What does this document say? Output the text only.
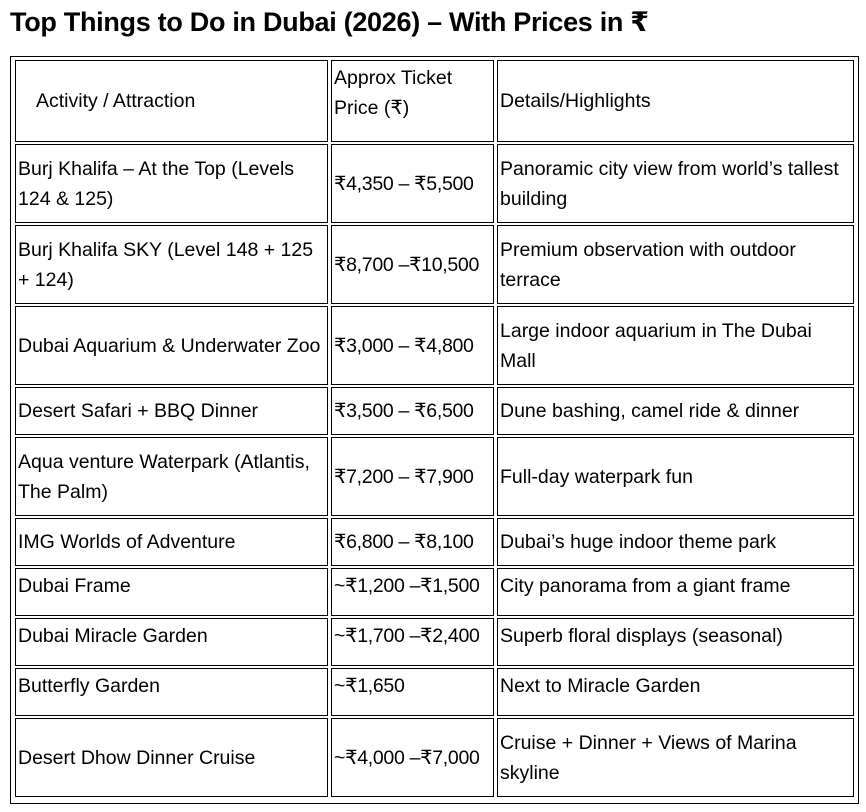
Top Things to Do in Dubai (2026) – With Prices in ₹
Activity / Attraction	Approx Ticket Price (₹)	Details/Highlights
Burj Khalifa – At the Top (Levels 124 & 125)	₹4,350 – ₹5,500	Panoramic city view from world’s tallest building
Burj Khalifa SKY (Level 148 + 125 + 124)	₹8,700 –₹10,500	Premium observation with outdoor terrace
Dubai Aquarium & Underwater Zoo	₹3,000 – ₹4,800	Large indoor aquarium in The Dubai Mall
Desert Safari + BBQ Dinner	₹3,500 – ₹6,500	Dune bashing, camel ride & dinner
Aqua venture Waterpark (Atlantis, The Palm)	₹7,200 – ₹7,900	Full-day waterpark fun
IMG Worlds of Adventure	₹6,800 – ₹8,100	Dubai’s huge indoor theme park
Dubai Frame	~₹1,200 –₹1,500	City panorama from a giant frame
Dubai Miracle Garden	~₹1,700 –₹2,400	Superb floral displays (seasonal)
Butterfly Garden	~₹1,650	Next to Miracle Garden
Desert Dhow Dinner Cruise	~₹4,000 –₹7,000	Cruise + Dinner + Views of Marina skyline
